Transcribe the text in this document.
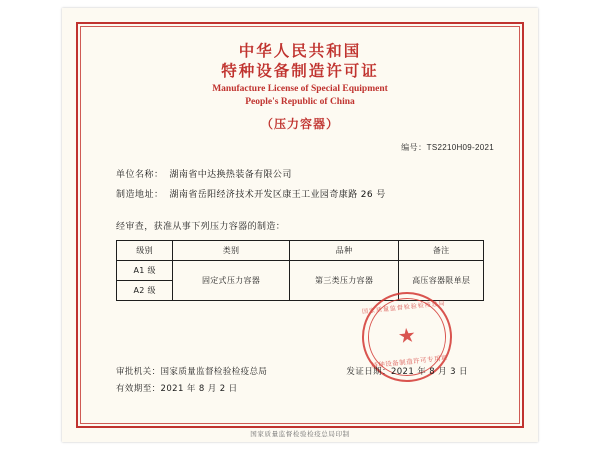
中华人民共和国
特种设备制造许可证
Manufacture License of Special Equipment
People's Republic of China
（压力容器）
编号：TS2210H09-2021
单位名称： 湖南省中达换热装备有限公司
制造地址： 湖南省岳阳经济技术开发区康王工业园奇康路 26 号
经审查，获准从事下列压力容器的制造：
级别	类别	品种	备注
A1 级	固定式压力容器	第三类压力容器	高压容器限单层
A2 级			
国家质量监督检验检疫总局
★
特种设备制造许可专用章
审批机关：国家质量监督检验检疫总局	发证日期：2021 年 8 月 3 日
有效期至：2021 年 8 月 2 日
国家质量监督检验检疫总局印制
